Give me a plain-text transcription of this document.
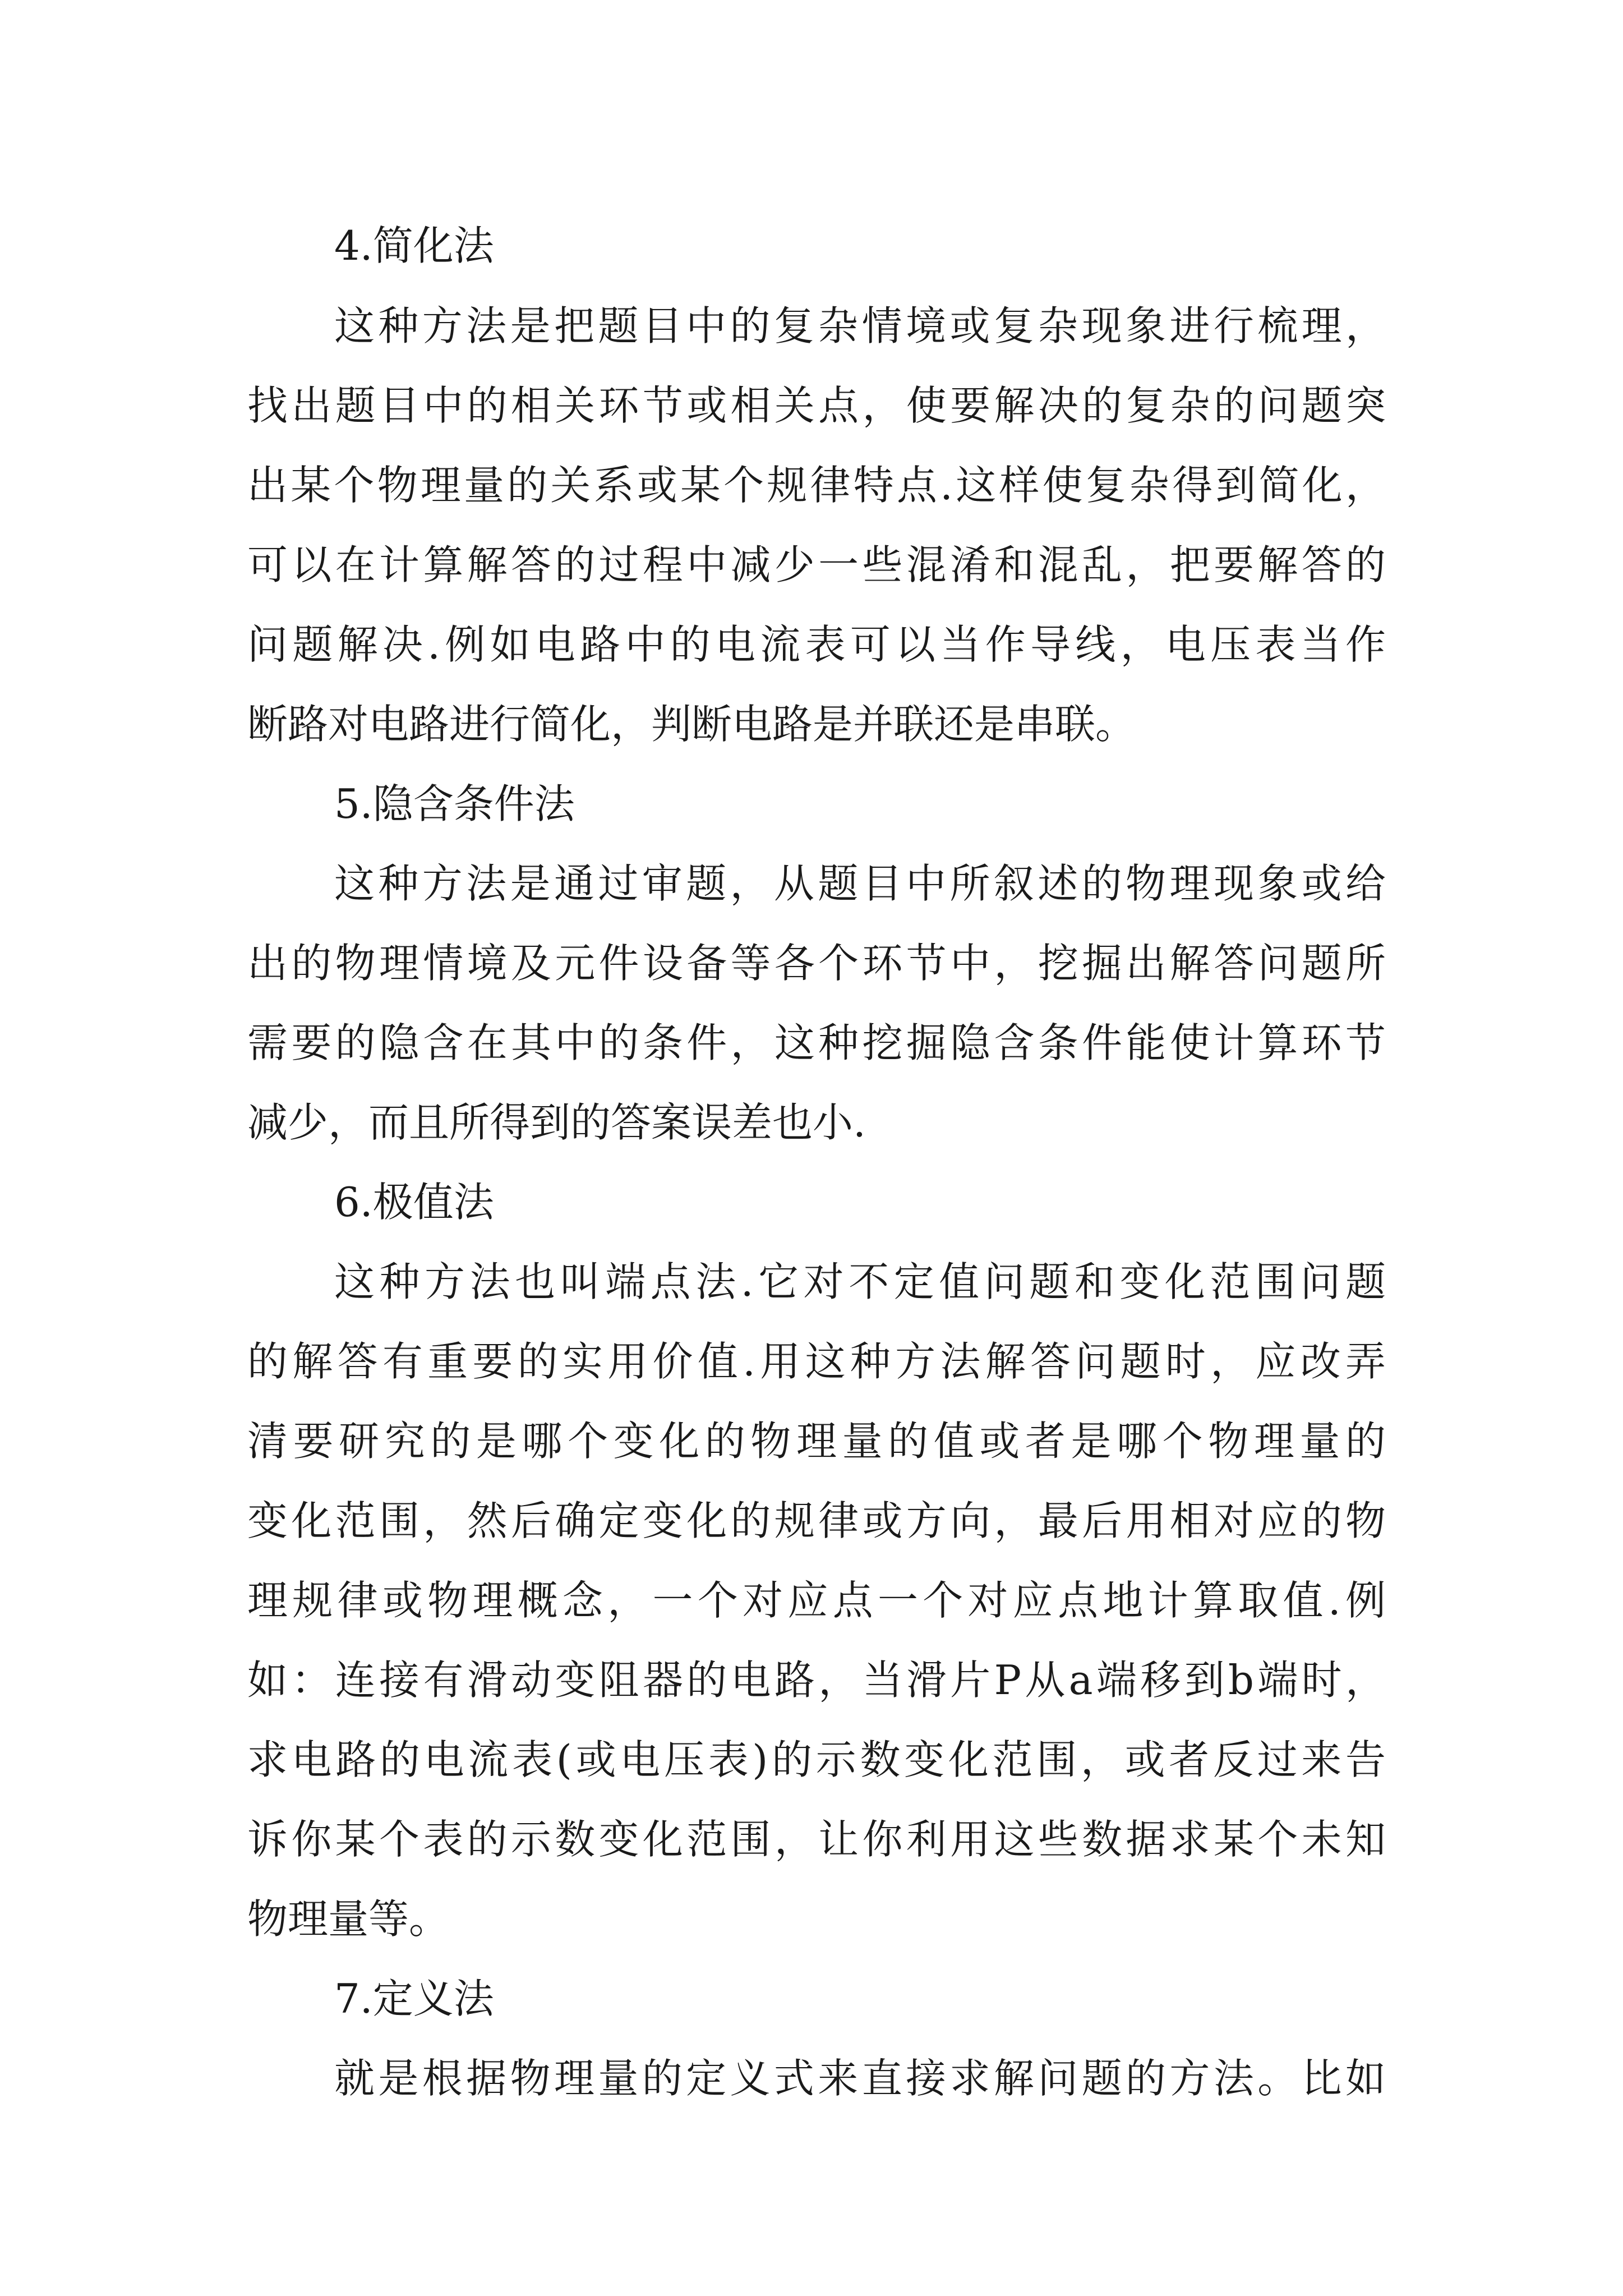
4.简化法

这种方法是把题目中的复杂情境或复杂现象进行梳理，

找出题目中的相关环节或相关点，使要解决的复杂的问题突

出某个物理量的关系或某个规律特点.这样使复杂得到简化，

可以在计算解答的过程中减少一些混淆和混乱，把要解答的

问题解决.例如电路中的电流表可以当作导线，电压表当作

断路对电路进行简化，判断电路是并联还是串联。

5.隐含条件法

这种方法是通过审题，从题目中所叙述的物理现象或给

出的物理情境及元件设备等各个环节中，挖掘出解答问题所

需要的隐含在其中的条件，这种挖掘隐含条件能使计算环节

减少，而且所得到的答案误差也小.

6.极值法

这种方法也叫端点法.它对不定值问题和变化范围问题

的解答有重要的实用价值.用这种方法解答问题时，应改弄

清要研究的是哪个变化的物理量的值或者是哪个物理量的

变化范围，然后确定变化的规律或方向，最后用相对应的物

理规律或物理概念，一个对应点一个对应点地计算取值.例

如：连接有滑动变阻器的电路，当滑片P从a端移到b端时，

求电路的电流表(或电压表)的示数变化范围，或者反过来告

诉你某个表的示数变化范围，让你利用这些数据求某个未知

物理量等。

7.定义法

就是根据物理量的定义式来直接求解问题的方法。比如
